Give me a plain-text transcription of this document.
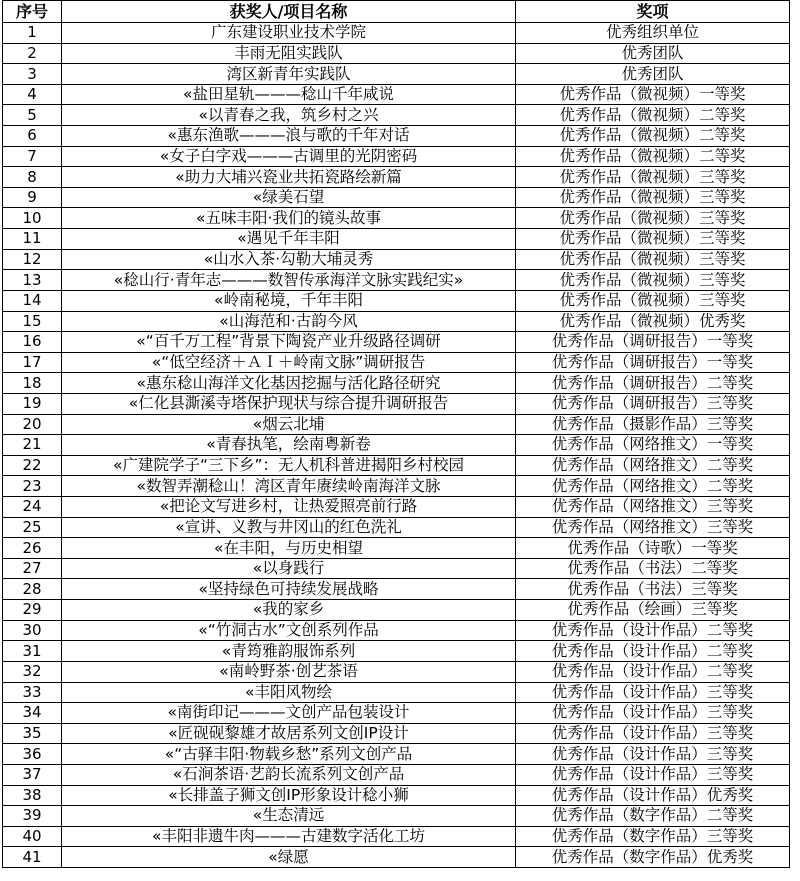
序号	获奖人/项目名称	奖项
1	广东建设职业技术学院	优秀组织单位
2	丰雨无阻实践队	优秀团队
3	湾区新青年实践队	优秀团队
4	«盐田星轨———稔山千年咸说	优秀作品（微视频）一等奖
5	«以青春之我，筑乡村之兴	优秀作品（微视频）二等奖
6	«惠东渔歌———浪与歌的千年对话	优秀作品（微视频）二等奖
7	«女子白字戏———古调里的光阴密码	优秀作品（微视频）二等奖
8	«助力大埔兴瓷业共拓瓷路绘新篇	优秀作品（微视频）三等奖
9	«绿美石望	优秀作品（微视频）三等奖
10	«五味丰阳·我们的镜头故事	优秀作品（微视频）三等奖
11	«遇见千年丰阳	优秀作品（微视频）三等奖
12	«山水入茶·勾勒大埔灵秀	优秀作品（微视频）三等奖
13	«稔山行·青年志———数智传承海洋文脉实践纪实»	优秀作品（微视频）三等奖
14	«岭南秘境，千年丰阳	优秀作品（微视频）三等奖
15	«山海范和·古韵今风	优秀作品（微视频）优秀奖
16	«“百千万工程”背景下陶瓷产业升级路径调研	优秀作品（调研报告）一等奖
17	«“低空经济＋ＡＩ＋岭南文脉”调研报告	优秀作品（调研报告）一等奖
18	«惠东稔山海洋文化基因挖掘与活化路径研究	优秀作品（调研报告）二等奖
19	«仁化县澌溪寺塔保护现状与综合提升调研报告	优秀作品（调研报告）三等奖
20	«烟云北埔	优秀作品（摄影作品）三等奖
21	«青春执笔，绘南粤新卷	优秀作品（网络推文）一等奖
22	«广建院学子“三下乡”：无人机科普进揭阳乡村校园	优秀作品（网络推文）二等奖
23	«数智弄潮稔山！湾区青年赓续岭南海洋文脉	优秀作品（网络推文）二等奖
24	«把论文写进乡村，让热爱照亮前行路	优秀作品（网络推文）三等奖
25	«宣讲、义教与井冈山的红色洗礼	优秀作品（网络推文）三等奖
26	«在丰阳，与历史相望	优秀作品（诗歌）一等奖
27	«以身践行	优秀作品（书法）二等奖
28	«坚持绿色可持续发展战略	优秀作品（书法）三等奖
29	«我的家乡	优秀作品（绘画）三等奖
30	«“竹洞古水”文创系列作品	优秀作品（设计作品）二等奖
31	«青筠雅韵服饰系列	优秀作品（设计作品）二等奖
32	«南岭野茶·创艺茶语	优秀作品（设计作品）二等奖
33	«丰阳风物绘	优秀作品（设计作品）三等奖
34	«南街印记———文创产品包装设计	优秀作品（设计作品）三等奖
35	«匠砚砚黎雄才故居系列文创IP设计	优秀作品（设计作品）三等奖
36	«“古驿丰阳·物载乡愁”系列文创产品	优秀作品（设计作品）三等奖
37	«石涧茶语·艺韵长流系列文创产品	优秀作品（设计作品）三等奖
38	«长排盖子狮文创IP形象设计稔小狮	优秀作品（设计作品）优秀奖
39	«生态清远	优秀作品（数字作品）二等奖
40	«丰阳非遗牛肉———古建数字活化工坊	优秀作品（数字作品）三等奖
41	«绿愿	优秀作品（数字作品）优秀奖
